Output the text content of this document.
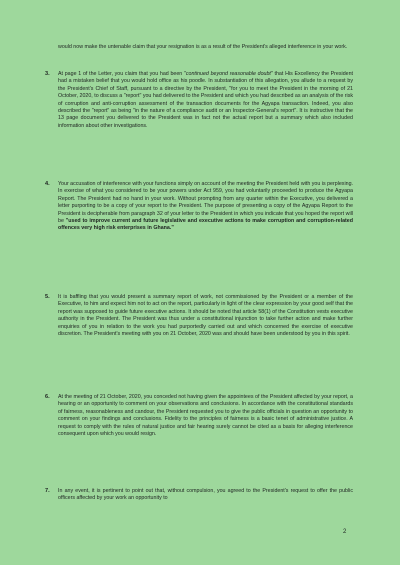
would now make the untenable claim that your resignation is as a result of the President's alleged interference in your work.

3. At page 1 of the Letter, you claim that you had been "continued beyond reasonable doubt" that His Excellency the President had a mistaken belief that you would hold office as his poodle. In substantiation of this allegation, you allude to a request by the President's Chief of Staff, pursuant to a directive by the President, "for you to meet the President in the morning of 21 October, 2020, to discuss a "report" you had delivered to the President and which you had described as an analysis of the risk of corruption and anti-corruption assessment of the transaction documents for the Agyapa transaction. Indeed, you also described the "report" as being "in the nature of a compliance audit or an Inspector-General's report". It is instructive that the 13 page document you delivered to the President was in fact not the actual report but a summary which also included information about other investigations.

4. Your accusation of interference with your functions simply on account of the meeting the President held with you is perplexing. In exercise of what you considered to be your powers under Act 959, you had voluntarily proceeded to produce the Agyapa Report. The President had no hand in your work. Without prompting from any quarter within the Executive, you delivered a letter purporting to be a copy of your report to the President. The purpose of presenting a copy of the Agyapa Report to the President is decipherable from paragraph 32 of your letter to the President in which you indicate that you hoped the report will be "used to improve current and future legislative and executive actions to make corruption and corruption-related offences very high risk enterprises in Ghana."

5. It is baffling that you would present a summary report of work, not commissioned by the President or a member of the Executive, to him and expect him not to act on the report, particularly in light of the clear expression by your good self that the report was supposed to guide future executive actions. It should be noted that article 58(1) of the Constitution vests executive authority in the President. The President was thus under a constitutional injunction to take further action and make further enquiries of you in relation to the work you had purportedly carried out and which concerned the exercise of executive discretion. The President's meeting with you on 21 October, 2020 was and should have been understood by you in this spirit.

6. At the meeting of 21 October, 2020, you conceded not having given the appointees of the President affected by your report, a hearing or an opportunity to comment on your observations and conclusions. In accordance with the constitutional standards of fairness, reasonableness and candour, the President requested you to give the public officials in question an opportunity to comment on your findings and conclusions. Fidelity to the principles of fairness is a basic tenet of administrative justice. A request to comply with the rules of natural justice and fair hearing surely cannot be cited as a basis for alleging interference consequent upon which you would resign.

7. In any event, it is pertinent to point out that, without compulsion, you agreed to the President's request to offer the public officers affected by your work an opportunity to

2
